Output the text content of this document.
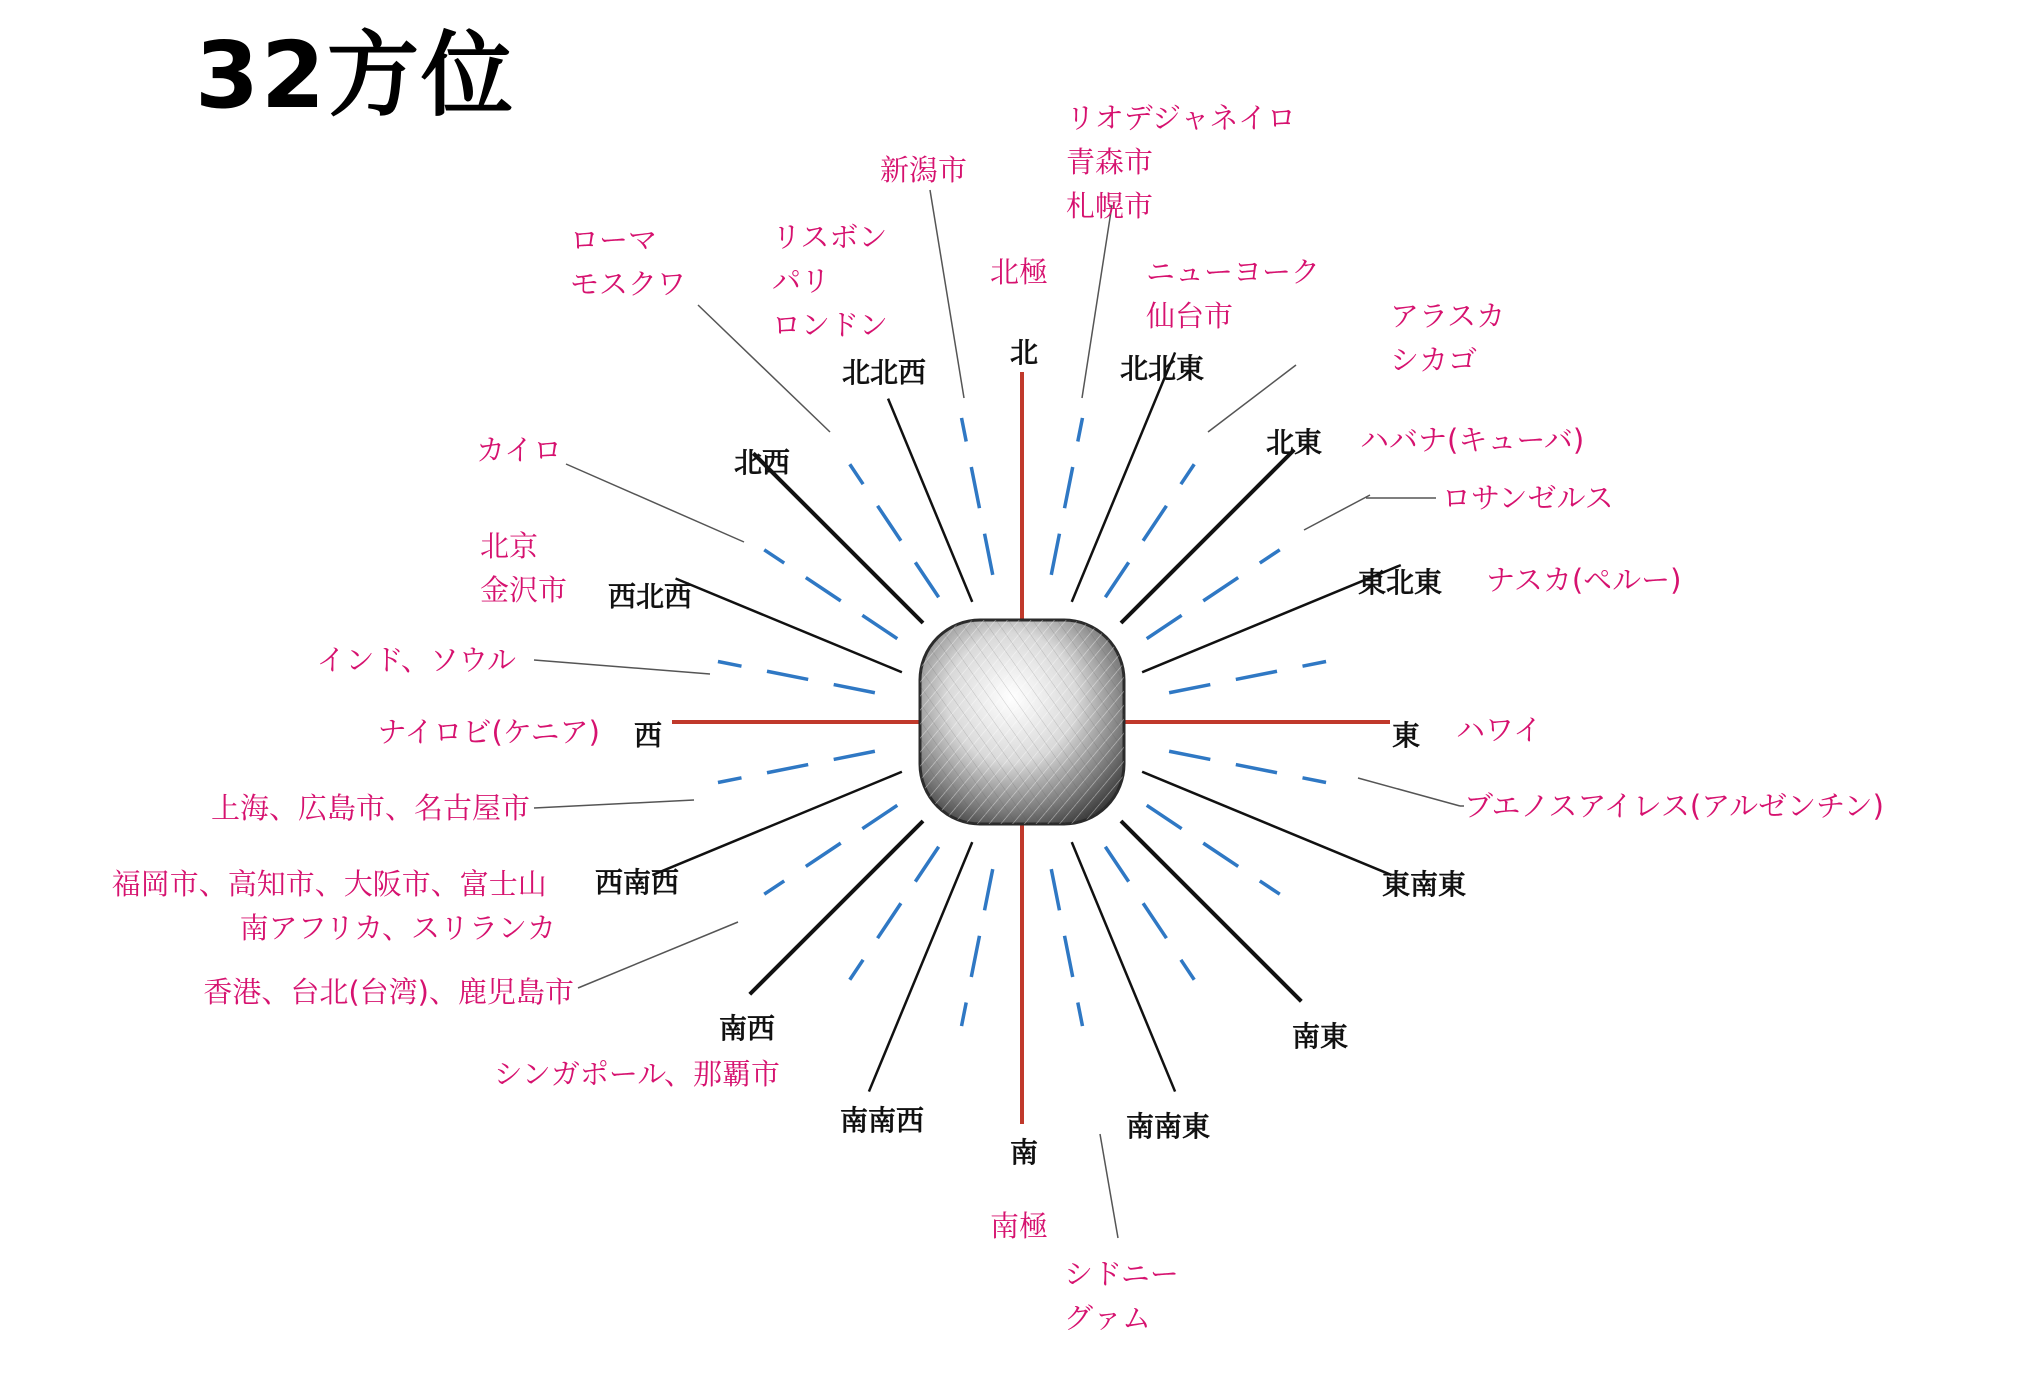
32方位
北	北北東
北東
東北東
東
東南東
南東
南南東
南
南南西
南西
西南西
西
西北西
北西
北北西
北極
リオデジャネイロ 青森市 札幌市
新潟市
リスボン パリ ロンドン
ローマ モスクワ	ニューヨーク 仙台市	アラスカ シカゴ
ハバナ(キューバ)
ロサンゼルス
ナスカ(ペルー)
ハワイ
ブエノスアイレス(アルゼンチン)
カイロ
北京 金沢市
インド、ソウル
ナイロビ(ケニア)
上海、広島市、名古屋市
福岡市、高知市、大阪市、富士山 南アフリカ、スリランカ
香港、台北(台湾)、鹿児島市
シンガポール、那覇市
南極
シドニー グァム
